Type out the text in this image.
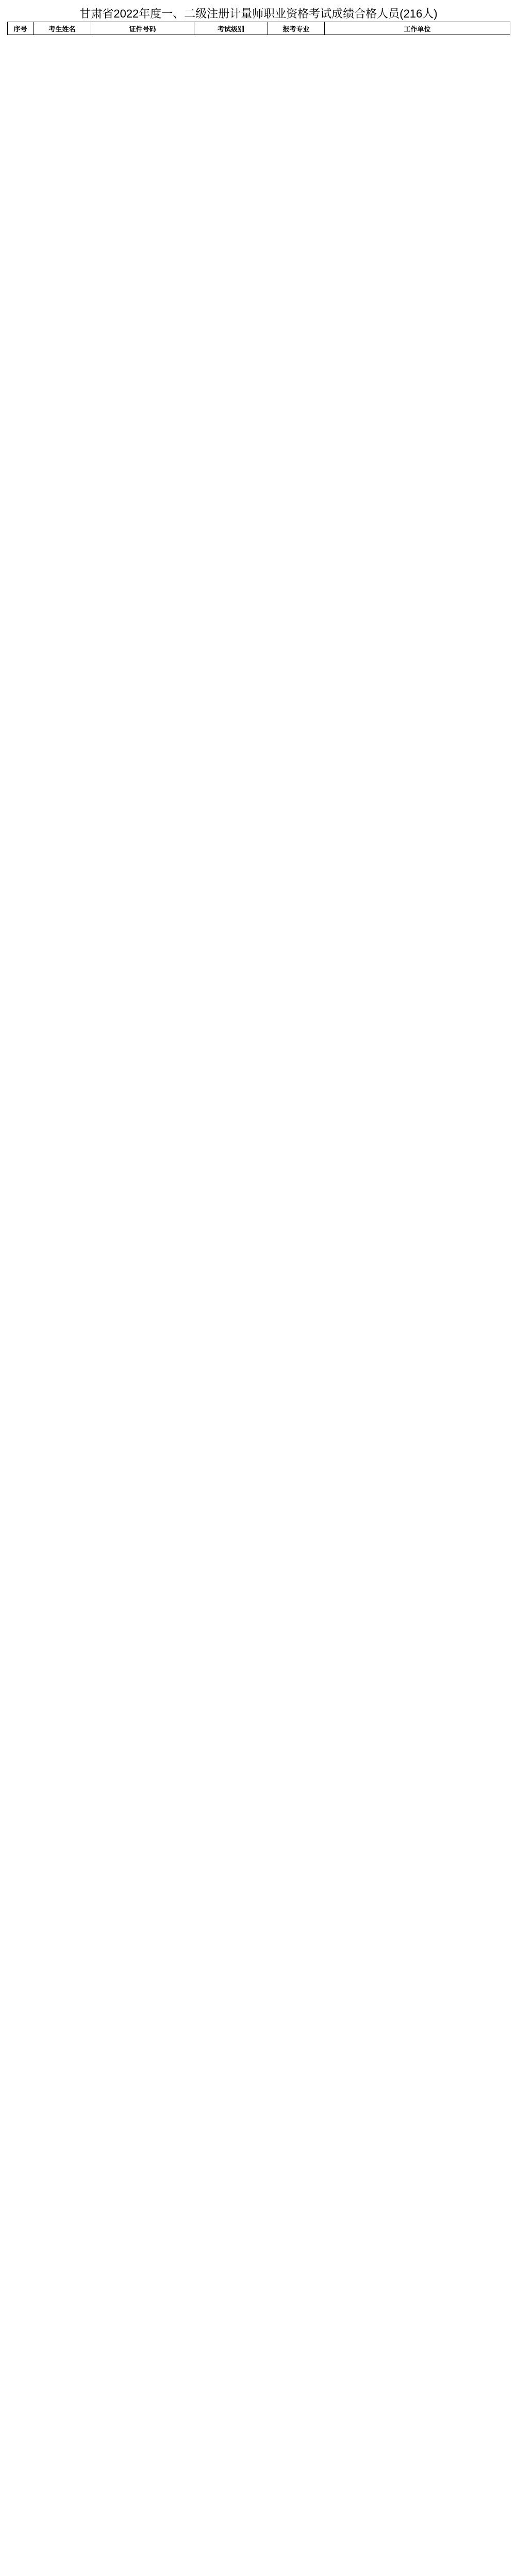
甘肃省2022年度一、二级注册计量师职业资格考试成绩合格人员(216人)
序号	考生姓名	证件号码	考试级别	报考专业	工作单位
